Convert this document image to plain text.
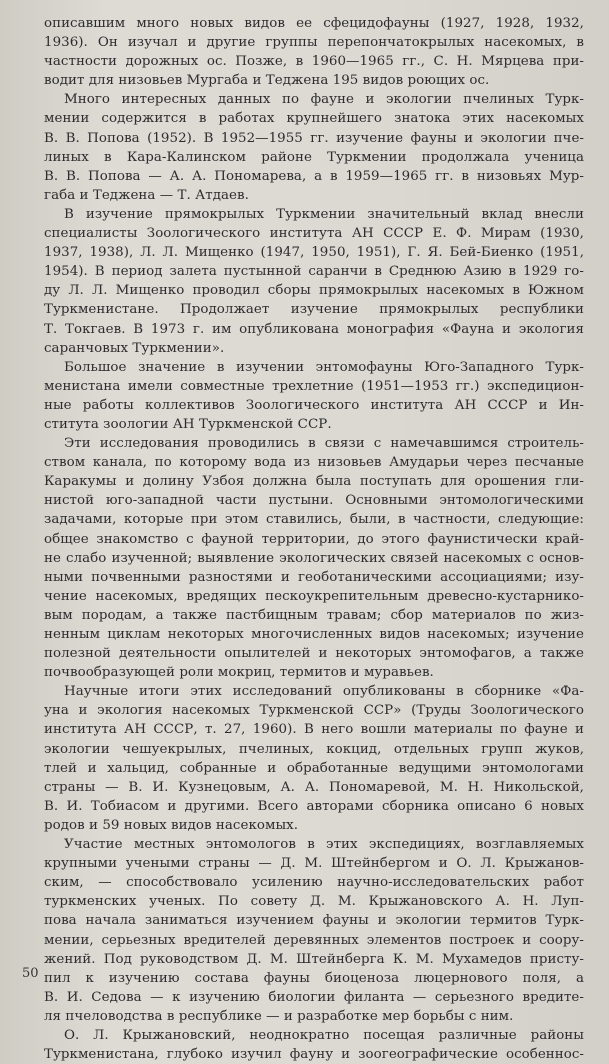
описавшим много новых видов ее сфецидофауны (1927, 1928, 1932,
1936). Он изучал и другие группы перепончатокрылых насекомых, в
частности дорожных ос. Позже, в 1960—1965 гг., С. Н. Мярцева при-
водит для низовьев Мургаба и Теджена 195 видов роющих ос.

Много интересных данных по фауне и экологии пчелиных Турк-
мении содержится в работах крупнейшего знатока этих насекомых
В. В. Попова (1952). В 1952—1955 гг. изучение фауны и экологии пче-
линых в Кара-Калинском районе Туркмении продолжала ученица
В. В. Попова — А. А. Пономарева, а в 1959—1965 гг. в низовьях Мур-
габа и Теджена — Т. Атдаев.

В изучение прямокрылых Туркмении значительный вклад внесли
специалисты Зоологического института АН СССР Е. Ф. Мирам (1930,
1937, 1938), Л. Л. Мищенко (1947, 1950, 1951), Г. Я. Бей-Биенко (1951,
1954). В период залета пустынной саранчи в Среднюю Азию в 1929 го-
ду Л. Л. Мищенко проводил сборы прямокрылых насекомых в Южном
Туркменистане. Продолжает изучение прямокрылых республики
Т. Токгаев. В 1973 г. им опубликована монография «Фауна и экология
саранчовых Туркмении».

Большое значение в изучении энтомофауны Юго-Западного Турк-
менистана имели совместные трехлетние (1951—1953 гг.) экспедицион-
ные работы коллективов Зоологического института АН СССР и Ин-
ститута зоологии АН Туркменской ССР.

Эти исследования проводились в связи с намечавшимся строитель-
ством канала, по которому вода из низовьев Амударьи через песчаные
Каракумы и долину Узбоя должна была поступать для орошения гли-
нистой юго-западной части пустыни. Основными энтомологическими
задачами, которые при этом ставились, были, в частности, следующие:
общее знакомство с фауной территории, до этого фаунистически край-
не слабо изученной; выявление экологических связей насекомых с основ-
ными почвенными разностями и геоботаническими ассоциациями; изу-
чение насекомых, вредящих пескоукрепительным древесно-кустарнико-
вым породам, а также пастбищным травам; сбор материалов по жиз-
ненным циклам некоторых многочисленных видов насекомых; изучение
полезной деятельности опылителей и некоторых энтомофагов, а также
почвообразующей роли мокриц, термитов и муравьев.

Научные итоги этих исследований опубликованы в сборнике «Фа-
уна и экология насекомых Туркменской ССР» (Труды Зоологического
института АН СССР, т. 27, 1960). В него вошли материалы по фауне и
экологии чешуекрылых, пчелиных, кокцид, отдельных групп жуков,
тлей и хальцид, собранные и обработанные ведущими энтомологами
страны — В. И. Кузнецовым, А. А. Пономаревой, М. Н. Никольской,
В. И. Тобиасом и другими. Всего авторами сборника описано 6 новых
родов и 59 новых видов насекомых.

Участие местных энтомологов в этих экспедициях, возглавляемых
крупными учеными страны — Д. М. Штейнбергом и О. Л. Крыжанов-
ским, — способствовало усилению научно-исследовательских работ
туркменских ученых. По совету Д. М. Крыжановского А. Н. Луп-
пова начала заниматься изучением фауны и экологии термитов Турк-
мении, серьезных вредителей деревянных элементов построек и соору-
жений. Под руководством Д. М. Штейнберга К. М. Мухамедов присту-
пил к изучению состава фауны биоценоза люцернового поля, а
В. И. Седова — к изучению биологии филанта — серьезного вредите-
ля пчеловодства в республике — и разработке мер борьбы с ним.

О. Л. Крыжановский, неоднократно посещая различные районы
Туркменистана, глубоко изучил фауну и зоогеографические особеннос-

50
